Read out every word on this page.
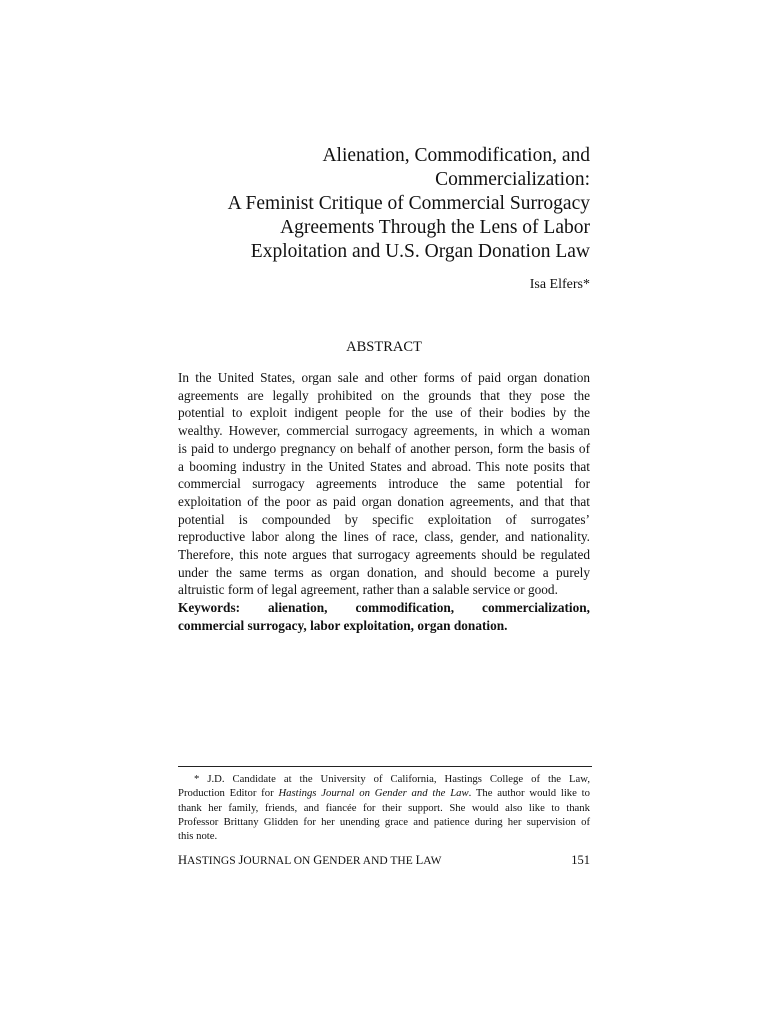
Alienation, Commodification, and
Commercialization:
A Feminist Critique of Commercial Surrogacy
Agreements Through the Lens of Labor
Exploitation and U.S. Organ Donation Law
Isa Elfers*
ABSTRACT
In the United States, organ sale and other forms of paid organ donation
agreements are legally prohibited on the grounds that they pose the
potential to exploit indigent people for the use of their bodies by the
wealthy. However, commercial surrogacy agreements, in which a woman
is paid to undergo pregnancy on behalf of another person, form the basis of
a booming industry in the United States and abroad. This note posits that
commercial surrogacy agreements introduce the same potential for
exploitation of the poor as paid organ donation agreements, and that that
potential is compounded by specific exploitation of surrogates’
reproductive labor along the lines of race, class, gender, and nationality.
Therefore, this note argues that surrogacy agreements should be regulated
under the same terms as organ donation, and should become a purely
altruistic form of legal agreement, rather than a salable service or good.
Keywords: alienation, commodification, commercialization,
commercial surrogacy, labor exploitation, organ donation.
* J.D. Candidate at the University of California, Hastings College of the Law,
Production Editor for Hastings Journal on Gender and the Law. The author would like to
thank her family, friends, and fiancée for their support. She would also like to thank
Professor Brittany Glidden for her unending grace and patience during her supervision of
this note.
HASTINGS JOURNAL ON GENDER AND THE LAW	151
